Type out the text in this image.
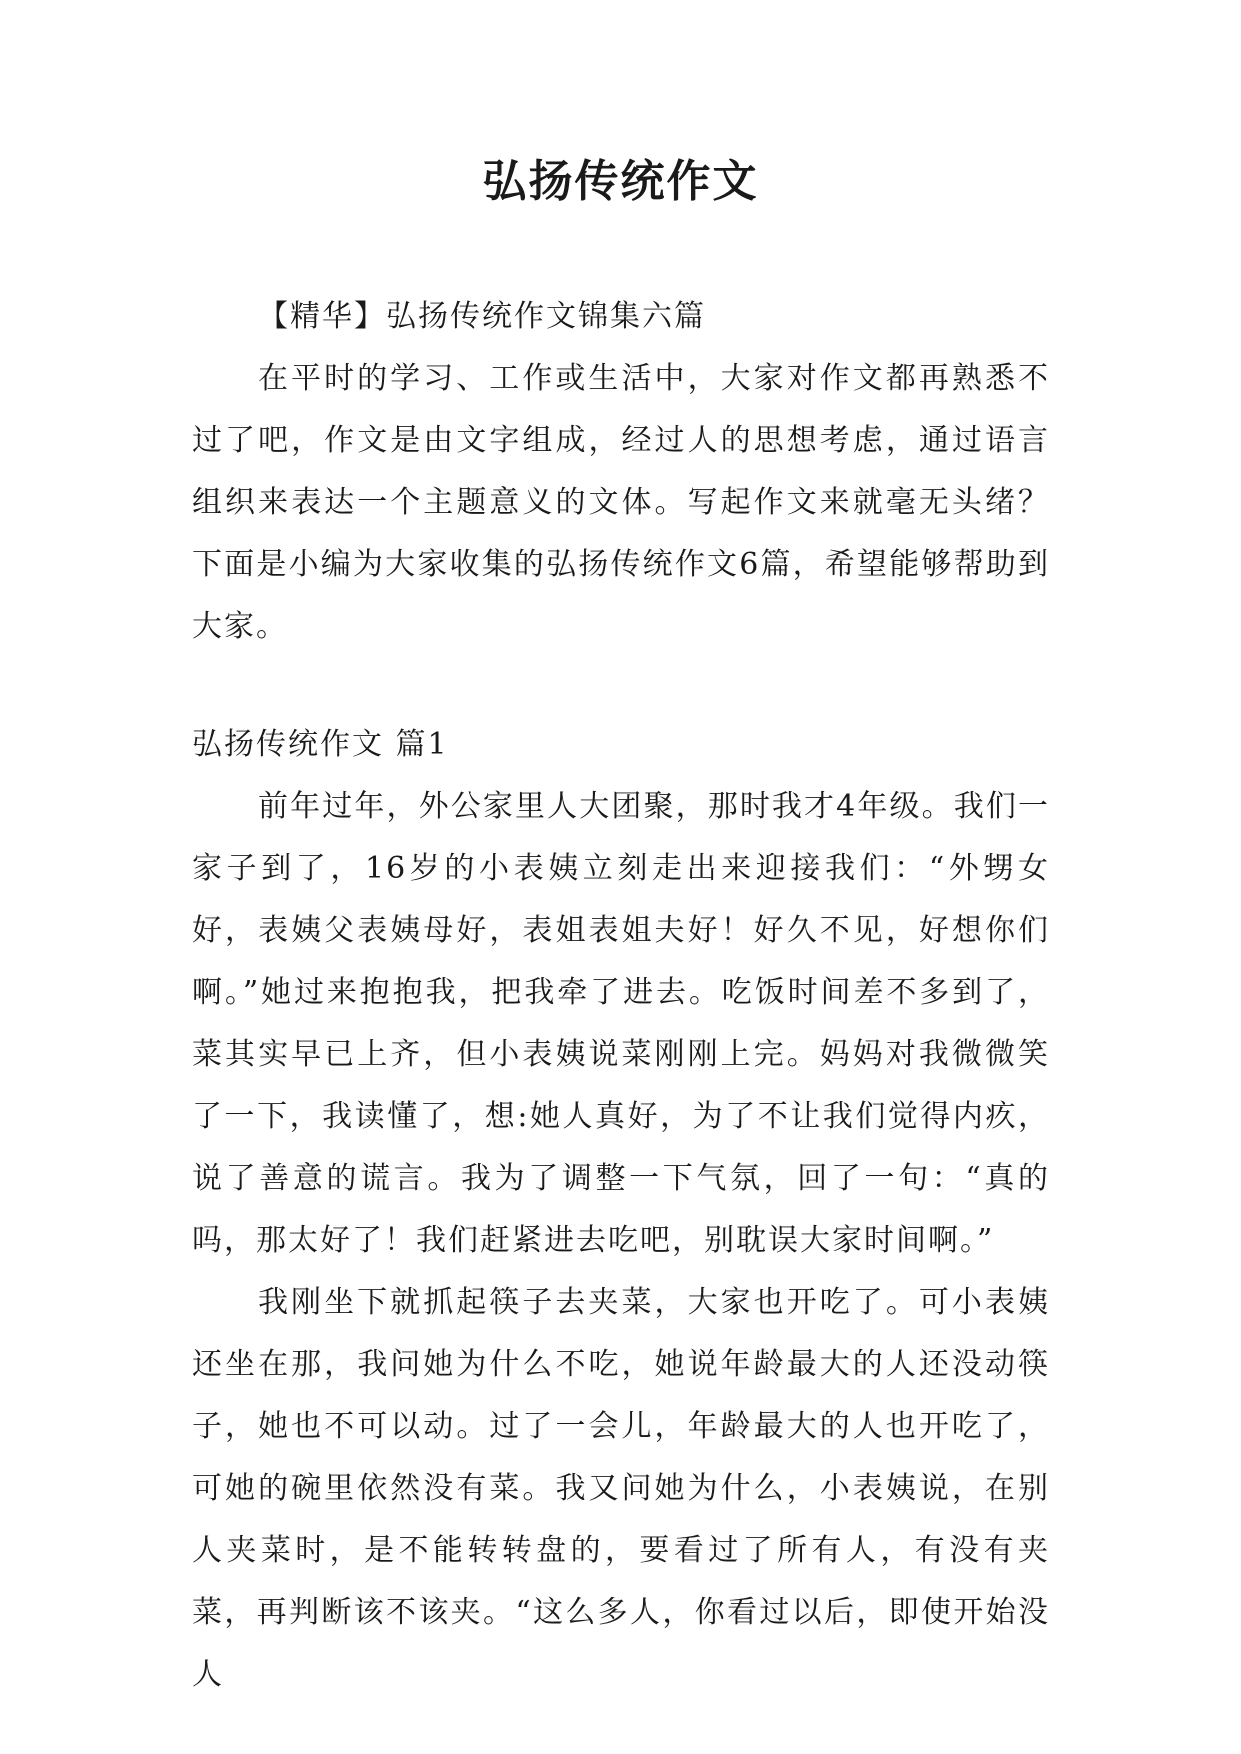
弘扬传统作文

【精华】弘扬传统作文锦集六篇

在平时的学习、工作或生活中，大家对作文都再熟悉不过了吧，作文是由文字组成，经过人的思想考虑，通过语言组织来表达一个主题意义的文体。写起作文来就毫无头绪？下面是小编为大家收集的弘扬传统作文6篇，希望能够帮助到大家。

弘扬传统作文 篇1

前年过年，外公家里人大团聚，那时我才4年级。我们一家子到了，16岁的小表姨立刻走出来迎接我们：“外甥女好，表姨父表姨母好，表姐表姐夫好！好久不见，好想你们啊。”她过来抱抱我，把我牵了进去。吃饭时间差不多到了，菜其实早已上齐，但小表姨说菜刚刚上完。妈妈对我微微笑了一下，我读懂了，想:她人真好，为了不让我们觉得内疚，说了善意的谎言。我为了调整一下气氛，回了一句：“真的吗，那太好了！我们赶紧进去吃吧，别耽误大家时间啊。”

我刚坐下就抓起筷子去夹菜，大家也开吃了。可小表姨还坐在那，我问她为什么不吃，她说年龄最大的人还没动筷子，她也不可以动。过了一会儿，年龄最大的人也开吃了，可她的碗里依然没有菜。我又问她为什么，小表姨说，在别人夹菜时，是不能转转盘的，要看过了所有人，有没有夹菜，再判断该不该夹。“这么多人，你看过以后，即使开始没人
